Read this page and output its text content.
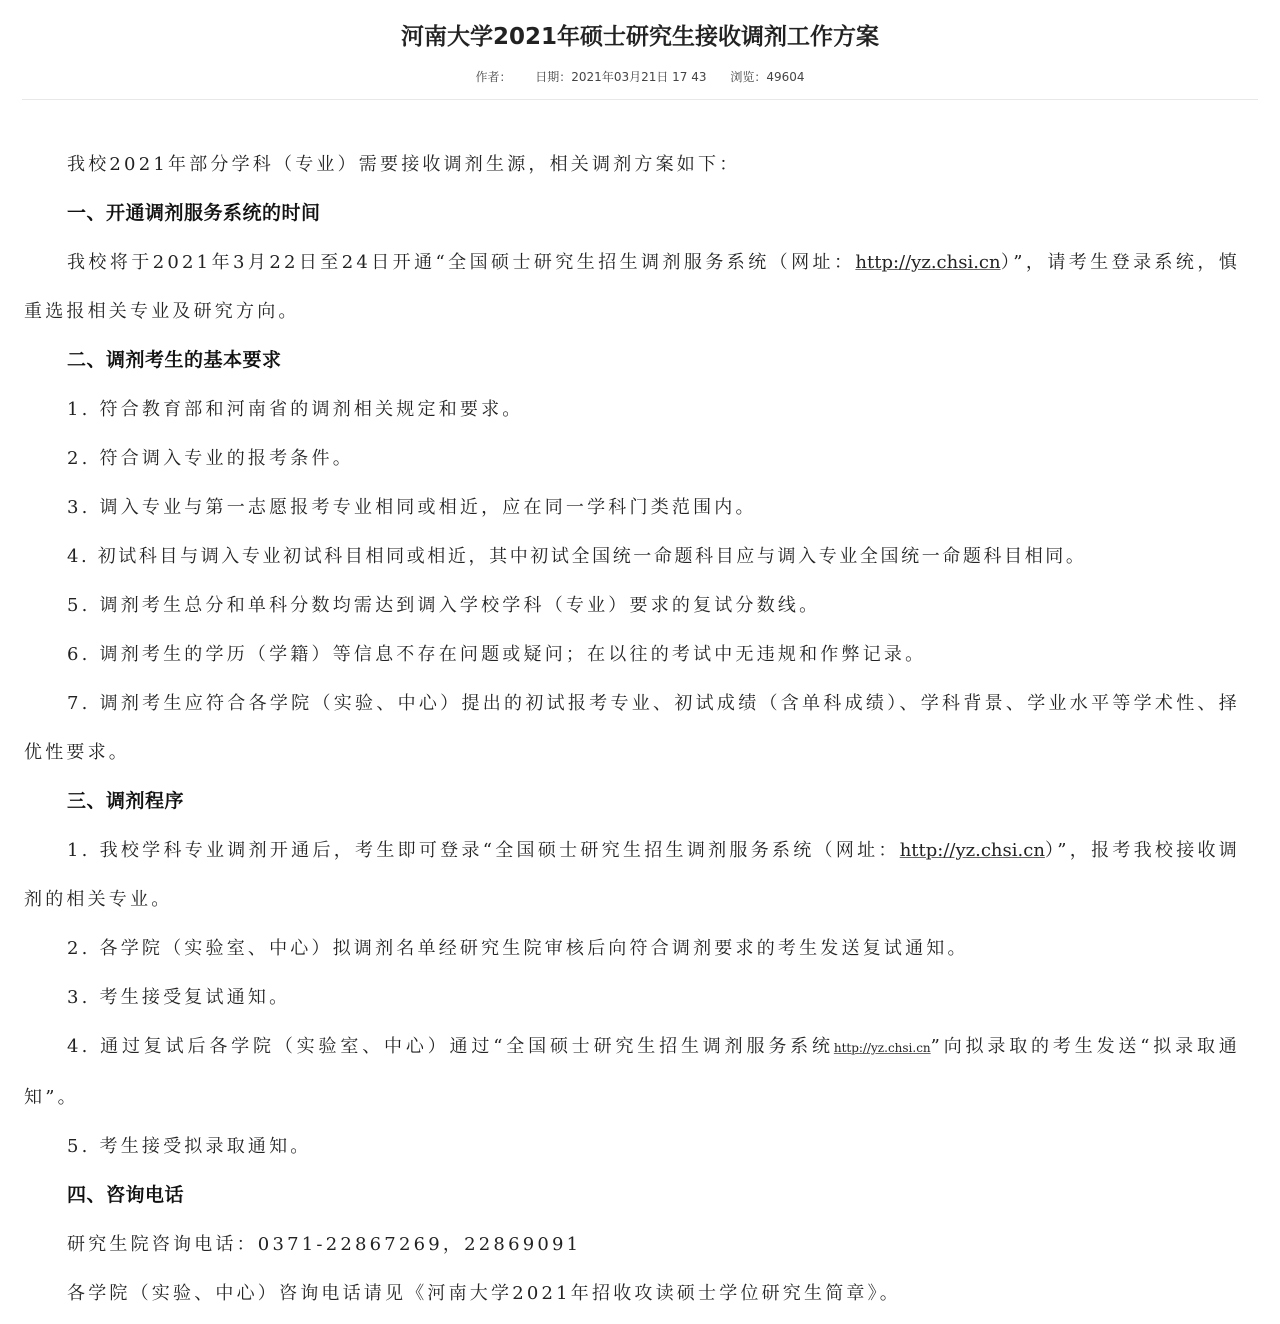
河南大学2021年硕士研究生接收调剂工作方案
作者： 日期：2021年03月21日 17 43 浏览：49604

我校2021年部分学科（专业）需要接收调剂生源，相关调剂方案如下：

一、开通调剂服务系统的时间

我校将于2021年3月22日至24日开通“全国硕士研究生招生调剂服务系统（网址：http://yz.chsi.cn）”，请考生登录系统，慎重选报相关专业及研究方向。

二、调剂考生的基本要求

1. 符合教育部和河南省的调剂相关规定和要求。

2. 符合调入专业的报考条件。

3. 调入专业与第一志愿报考专业相同或相近，应在同一学科门类范围内。

4. 初试科目与调入专业初试科目相同或相近，其中初试全国统一命题科目应与调入专业全国统一命题科目相同。

5. 调剂考生总分和单科分数均需达到调入学校学科（专业）要求的复试分数线。

6. 调剂考生的学历（学籍）等信息不存在问题或疑问；在以往的考试中无违规和作弊记录。

7. 调剂考生应符合各学院（实验、中心）提出的初试报考专业、初试成绩（含单科成绩）、学科背景、学业水平等学术性、择优性要求。

三、调剂程序

1. 我校学科专业调剂开通后，考生即可登录“全国硕士研究生招生调剂服务系统（网址：http://yz.chsi.cn）”，报考我校接收调剂的相关专业。

2. 各学院（实验室、中心）拟调剂名单经研究生院审核后向符合调剂要求的考生发送复试通知。

3. 考生接受复试通知。

4. 通过复试后各学院（实验室、中心）通过“全国硕士研究生招生调剂服务系统http://yz.chsi.cn”向拟录取的考生发送“拟录取通知”。

5. 考生接受拟录取通知。

四、咨询电话

研究生院咨询电话：0371-22867269，22869091

各学院（实验、中心）咨询电话请见《河南大学2021年招收攻读硕士学位研究生简章》。
